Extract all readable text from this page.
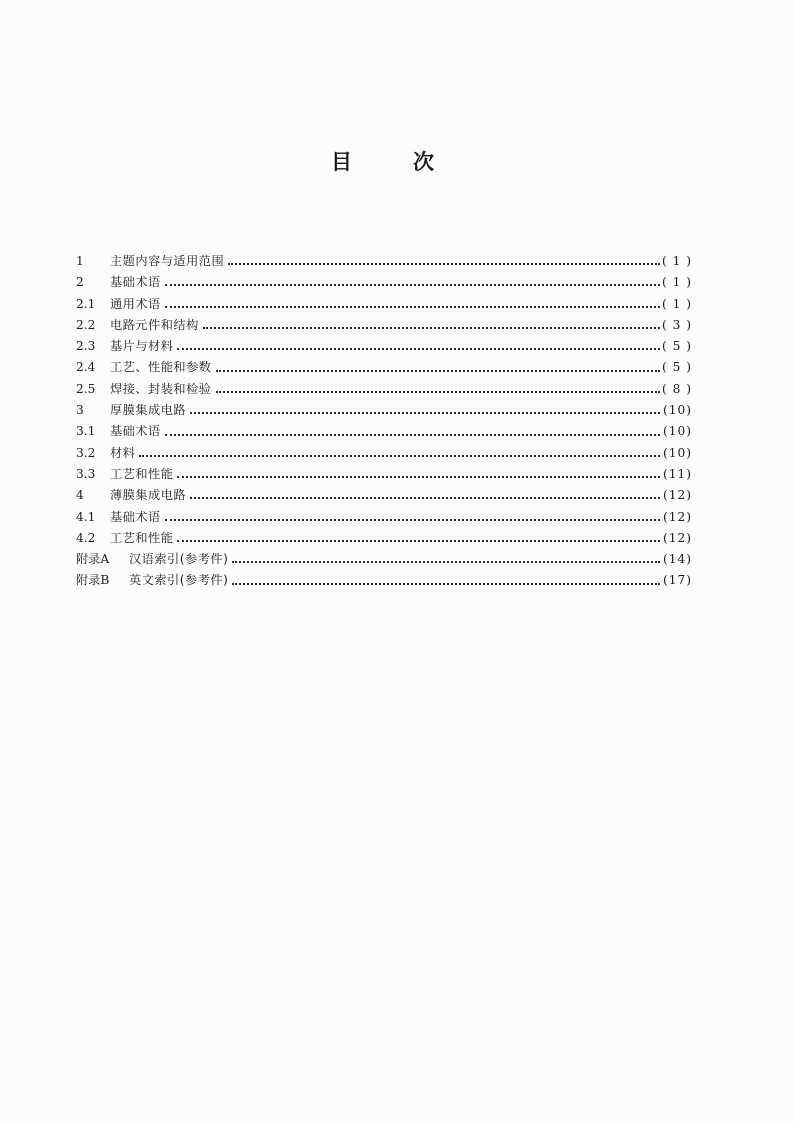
目	次
1	主题内容与适用范围	( 1 )
2	基础术语	( 1 )
2.1	通用术语	( 1 )
2.2	电路元件和结构	( 3 )
2.3	基片与材料	( 5 )
2.4	工艺、性能和参数	( 5 )
2.5	焊接、封装和检验	( 8 )
3	厚膜集成电路	(10)
3.1	基础术语	(10)
3.2	材料	(10)
3.3	工艺和性能	(11)
4	薄膜集成电路	(12)
4.1	基础术语	(12)
4.2	工艺和性能	(12)
附录A	汉语索引(参考件)	(14)
附录B	英文索引(参考件)	(17)
